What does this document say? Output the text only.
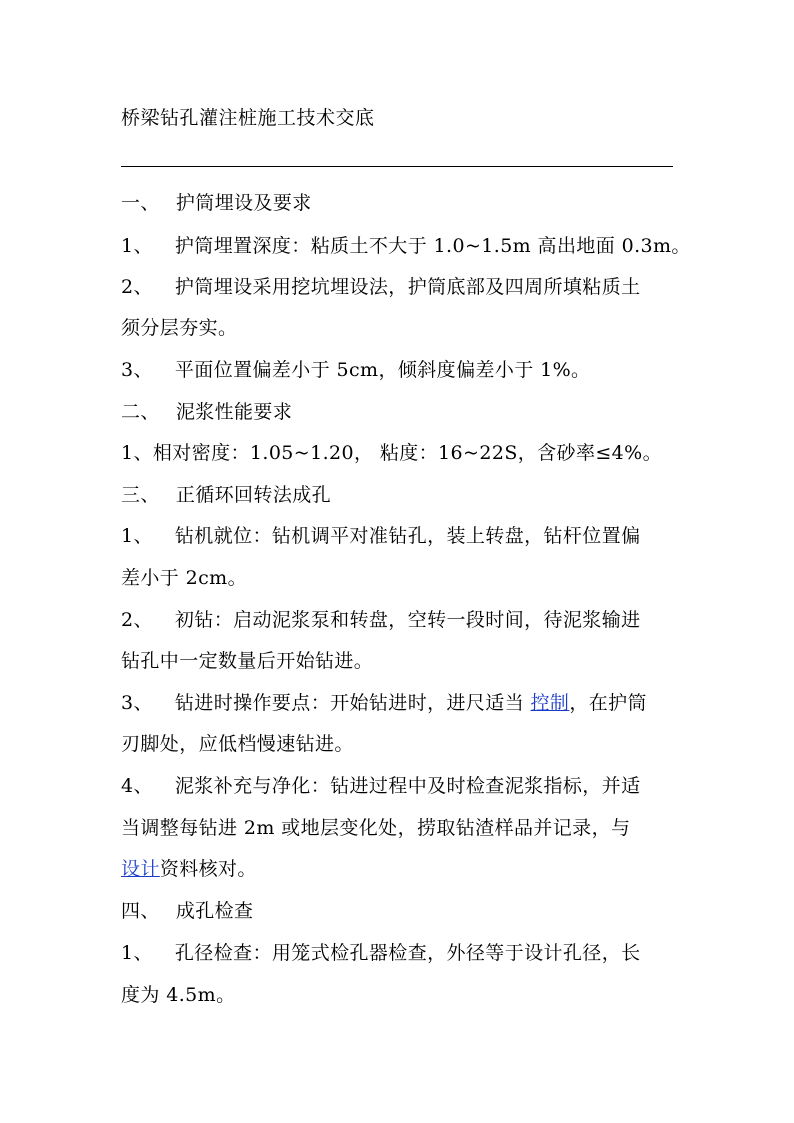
桥梁钻孔灌注桩施工技术交底
一、 护筒埋设及要求
1、 护筒埋置深度：粘质土不大于 1.0~1.5m 高出地面 0.3m。
2、 护筒埋设采用挖坑埋设法，护筒底部及四周所填粘质土
须分层夯实。
3、 平面位置偏差小于 5cm，倾斜度偏差小于 1%。
二、 泥浆性能要求
1、相对密度：1.05~1.20， 粘度：16~22S，含砂率≤4%。
三、 正循环回转法成孔
1、 钻机就位：钻机调平对准钻孔，装上转盘，钻杆位置偏
差小于 2cm。
2、 初钻：启动泥浆泵和转盘，空转一段时间，待泥浆输进
钻孔中一定数量后开始钻进。
3、 钻进时操作要点：开始钻进时，进尺适当 控制，在护筒
刃脚处，应低档慢速钻进。
4、 泥浆补充与净化：钻进过程中及时检查泥浆指标，并适
当调整每钻进 2m 或地层变化处，捞取钻渣样品并记录，与
设计资料核对。
四、 成孔检查
1、 孔径检查：用笼式检孔器检查，外径等于设计孔径，长
度为 4.5m。
